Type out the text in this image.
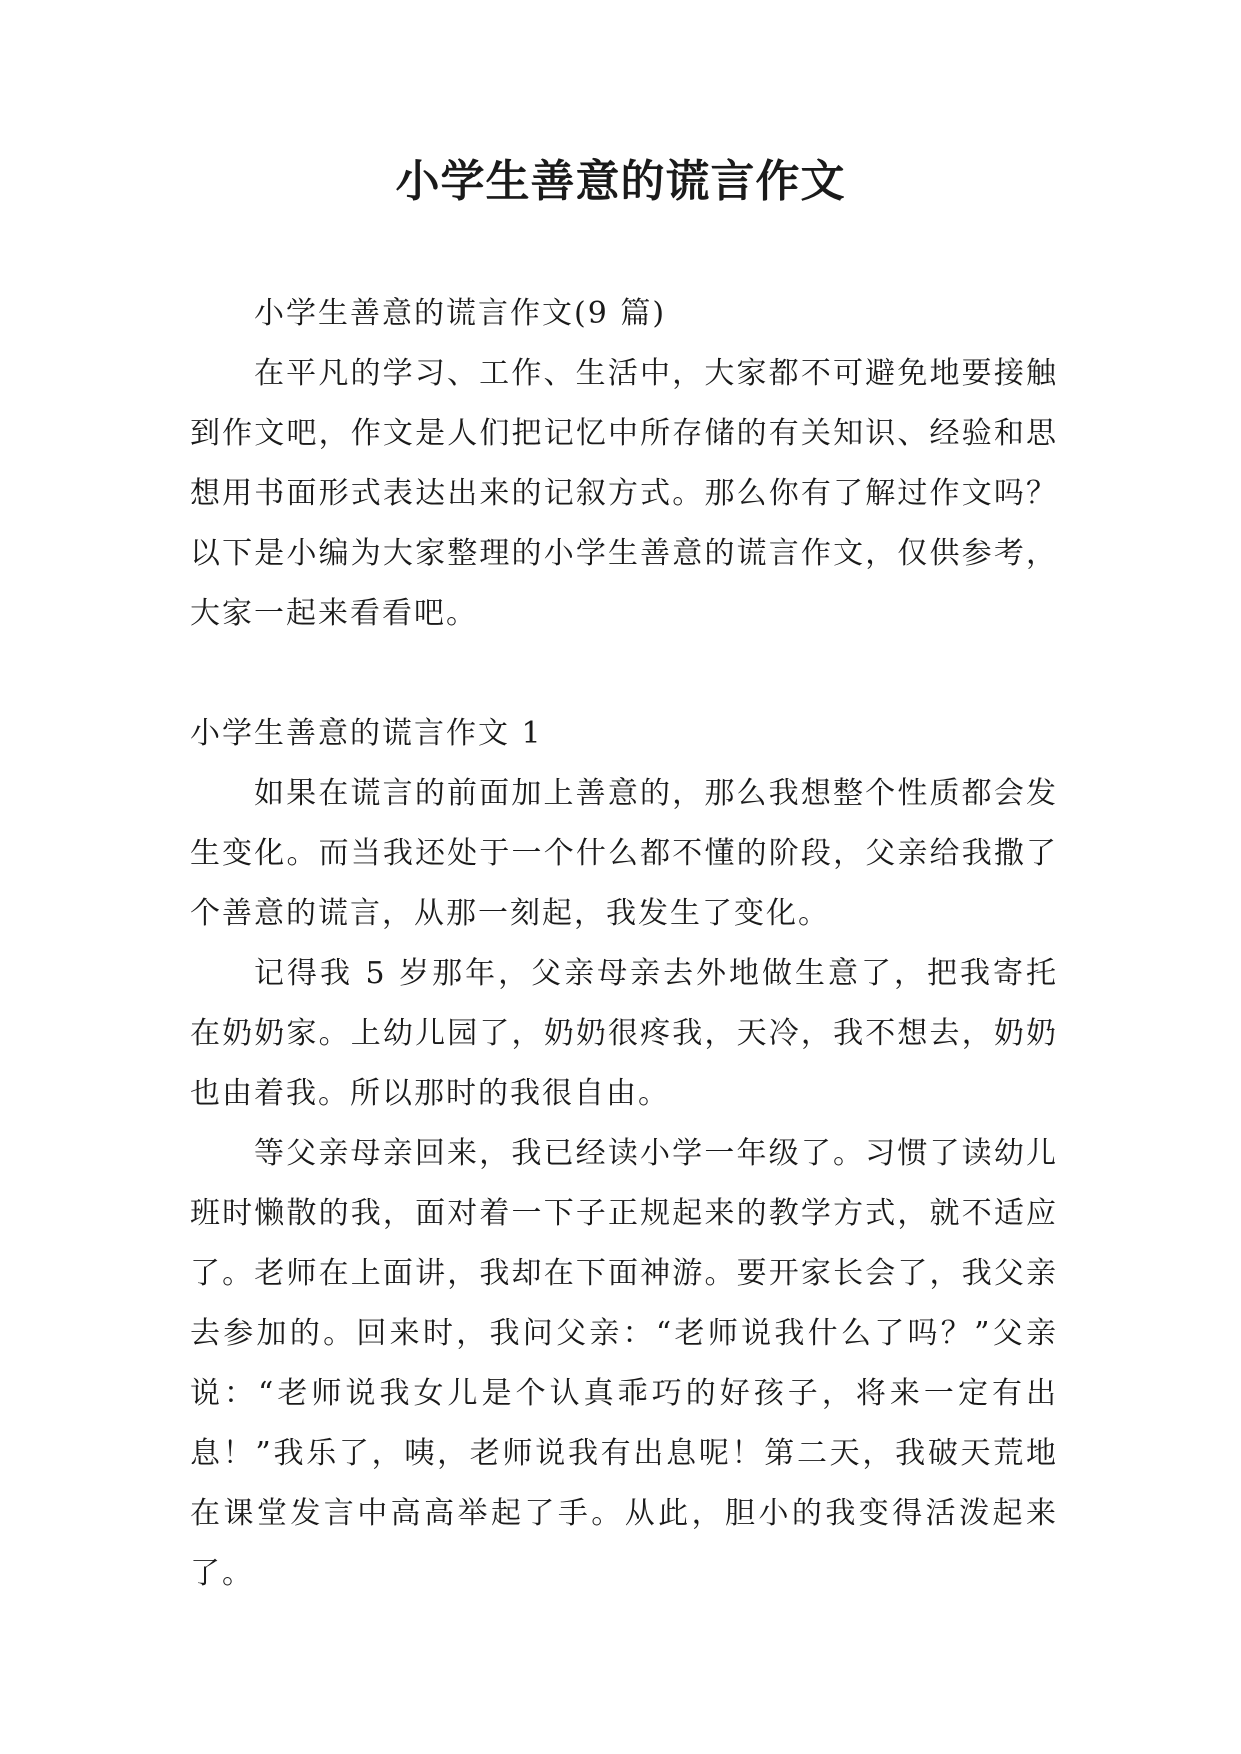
小学生善意的谎言作文

小学生善意的谎言作文(9 篇)

在平凡的学习、工作、生活中，大家都不可避免地要接触到作文吧，作文是人们把记忆中所存储的有关知识、经验和思想用书面形式表达出来的记叙方式。那么你有了解过作文吗？以下是小编为大家整理的小学生善意的谎言作文，仅供参考，大家一起来看看吧。

小学生善意的谎言作文 1

如果在谎言的前面加上善意的，那么我想整个性质都会发生变化。而当我还处于一个什么都不懂的阶段，父亲给我撒了个善意的谎言，从那一刻起，我发生了变化。

记得我 5 岁那年，父亲母亲去外地做生意了，把我寄托在奶奶家。上幼儿园了，奶奶很疼我，天冷，我不想去，奶奶也由着我。所以那时的我很自由。

等父亲母亲回来，我已经读小学一年级了。习惯了读幼儿班时懒散的我，面对着一下子正规起来的教学方式，就不适应了。老师在上面讲，我却在下面神游。要开家长会了，我父亲去参加的。回来时，我问父亲：“老师说我什么了吗？”父亲说：“老师说我女儿是个认真乖巧的好孩子，将来一定有出息！”我乐了，咦，老师说我有出息呢！第二天，我破天荒地在课堂发言中高高举起了手。从此，胆小的我变得活泼起来了。
